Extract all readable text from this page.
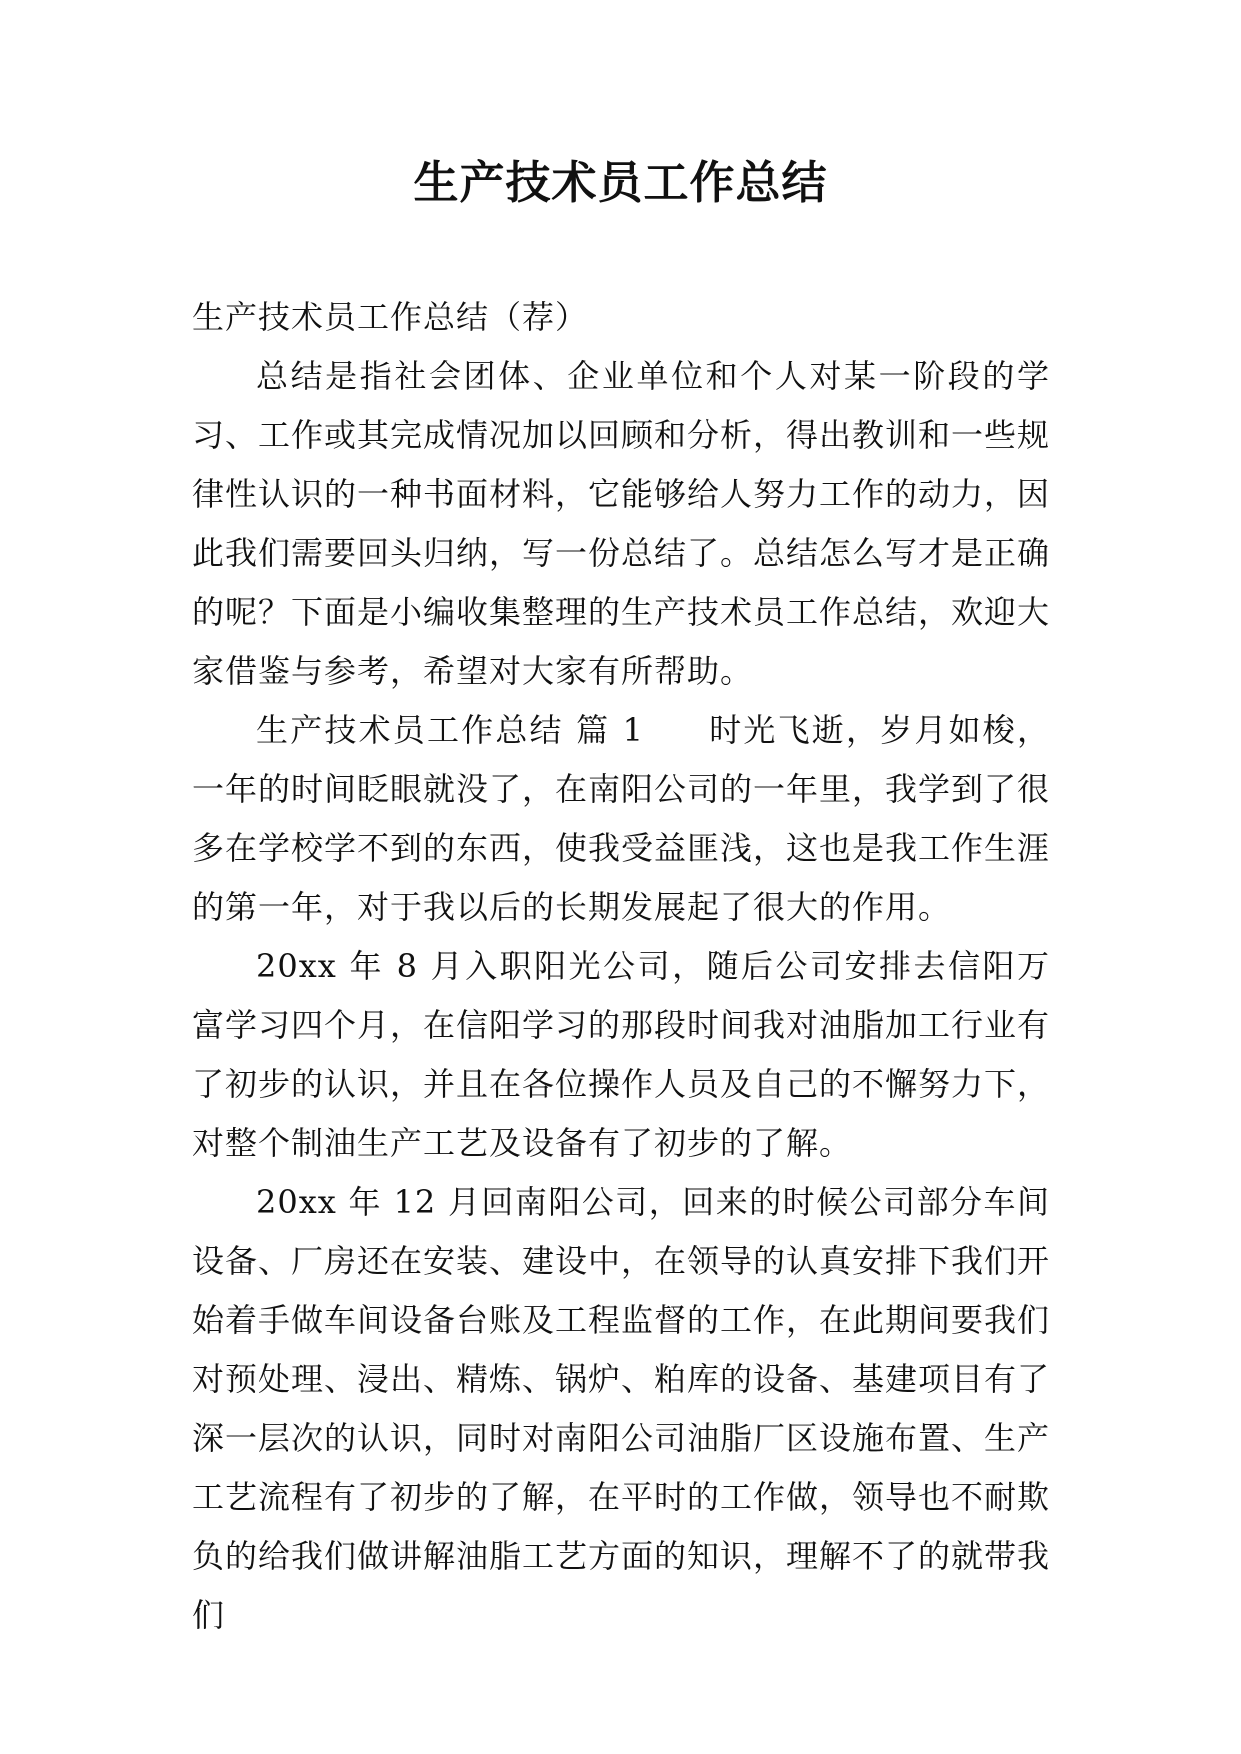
生产技术员工作总结

生产技术员工作总结（荐）

总结是指社会团体、企业单位和个人对某一阶段的学习、工作或其完成情况加以回顾和分析，得出教训和一些规律性认识的一种书面材料，它能够给人努力工作的动力，因此我们需要回头归纳，写一份总结了。总结怎么写才是正确的呢？下面是小编收集整理的生产技术员工作总结，欢迎大家借鉴与参考，希望对大家有所帮助。

生产技术员工作总结 篇 1 时光飞逝，岁月如梭，一年的时间眨眼就没了，在南阳公司的一年里，我学到了很多在学校学不到的东西，使我受益匪浅，这也是我工作生涯的第一年，对于我以后的长期发展起了很大的作用。

20xx 年 8 月入职阳光公司，随后公司安排去信阳万富学习四个月，在信阳学习的那段时间我对油脂加工行业有了初步的认识，并且在各位操作人员及自己的不懈努力下，对整个制油生产工艺及设备有了初步的了解。

20xx 年 12 月回南阳公司，回来的时候公司部分车间设备、厂房还在安装、建设中，在领导的认真安排下我们开始着手做车间设备台账及工程监督的工作，在此期间要我们对预处理、浸出、精炼、锅炉、粕库的设备、基建项目有了深一层次的认识，同时对南阳公司油脂厂区设施布置、生产工艺流程有了初步的了解，在平时的工作做，领导也不耐欺负的给我们做讲解油脂工艺方面的知识，理解不了的就带我们
